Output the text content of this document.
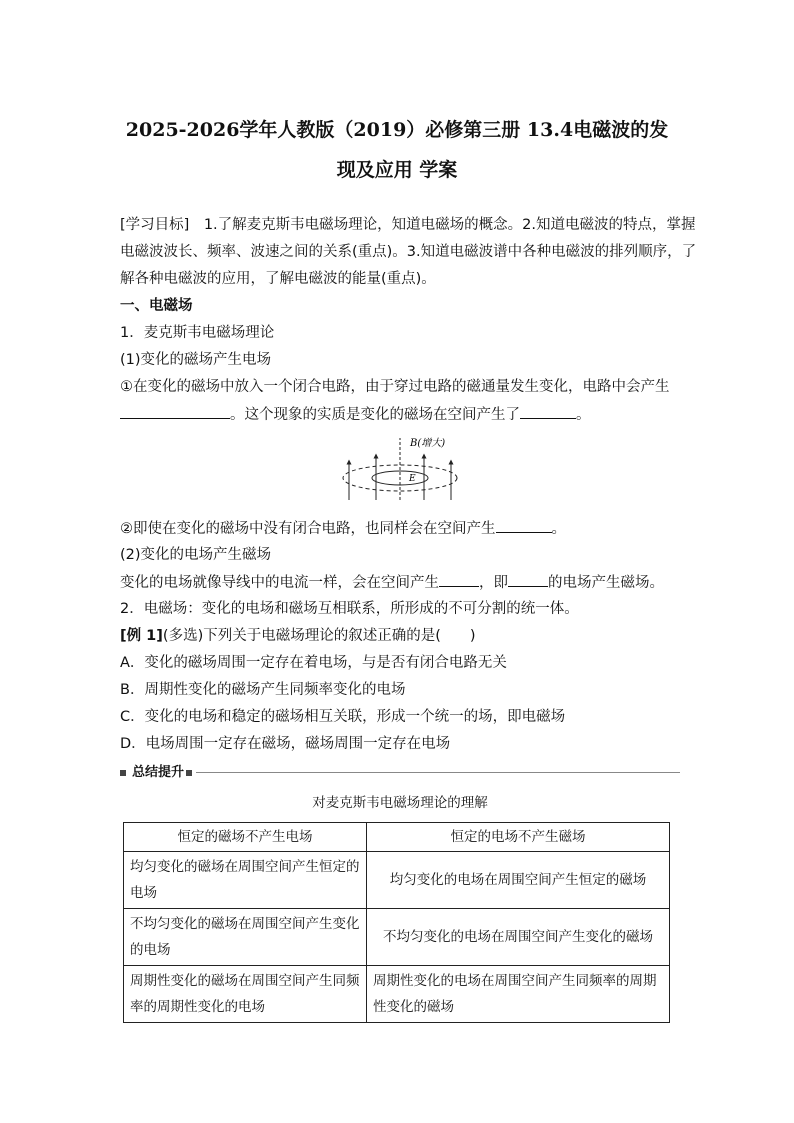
2025-2026学年人教版（2019）必修第三册 13.4电磁波的发
现及应用 学案
[学习目标]　1.了解麦克斯韦电磁场理论，知道电磁场的概念。2.知道电磁波的特点，掌握
电磁波波长、频率、波速之间的关系(重点)。3.知道电磁波谱中各种电磁波的排列顺序，了
解各种电磁波的应用，了解电磁波的能量(重点)。
一、电磁场
1．麦克斯韦电磁场理论
(1)变化的磁场产生电场
①在变化的磁场中放入一个闭合电路，由于穿过电路的磁通量发生变化，电路中会产生
。这个现象的实质是变化的磁场在空间产生了	。
B(增大)
E
②即使在变化的磁场中没有闭合电路，也同样会在空间产生	。
(2)变化的电场产生磁场
变化的电场就像导线中的电流一样，会在空间产生	，即	的电场产生磁场。
2．电磁场：变化的电场和磁场互相联系，所形成的不可分割的统一体。
[例 1](多选)下列关于电磁场理论的叙述正确的是(　　)
A．变化的磁场周围一定存在着电场，与是否有闭合电路无关
B．周期性变化的磁场产生同频率变化的电场
C．变化的电场和稳定的磁场相互关联，形成一个统一的场，即电磁场
D．电场周围一定存在磁场，磁场周围一定存在电场
总结提升
对麦克斯韦电磁场理论的理解
恒定的磁场不产生电场	恒定的电场不产生磁场
均匀变化的磁场在周围空间产生恒定的电场	均匀变化的电场在周围空间产生恒定的磁场
不均匀变化的磁场在周围空间产生变化的电场	不均匀变化的电场在周围空间产生变化的磁场
周期性变化的磁场在周围空间产生同频率的周期性变化的电场	周期性变化的电场在周围空间产生同频率的周期性变化的磁场
